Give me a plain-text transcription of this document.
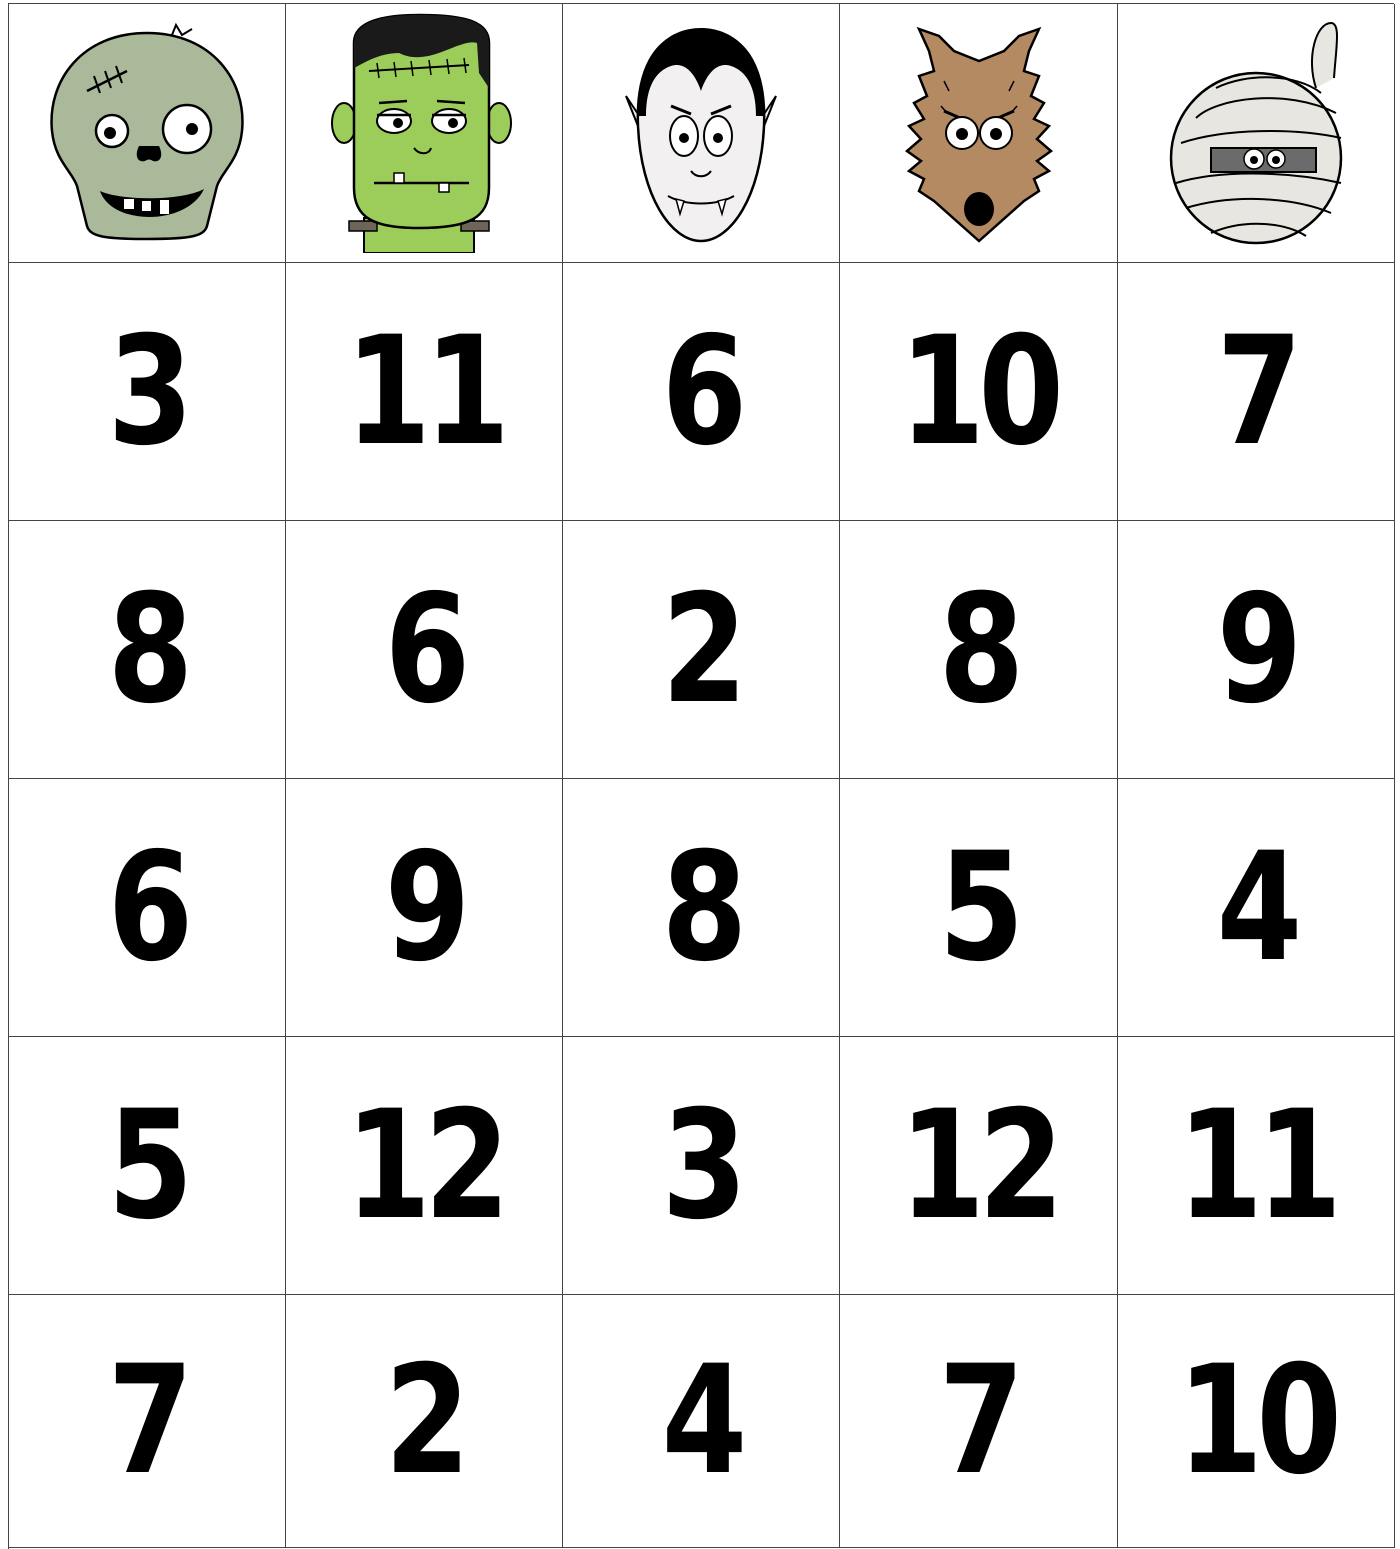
3 11 6 10 7
8 6 2 8 9
6 9 8 5 4
5 12 3 12 11
7 2 4 7 10
